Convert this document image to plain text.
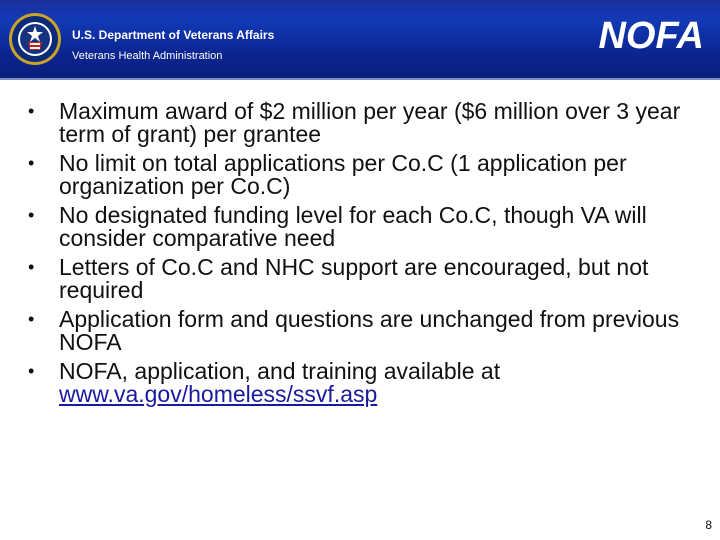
U.S. Department of Veterans Affairs
Veterans Health Administration	NOFA
• Maximum award of $2 million per year ($6 million over 3 year term of grant) per grantee
• No limit on total applications per Co.C (1 application per organization per Co.C)
• No designated funding level for each Co.C, though VA will consider comparative need
• Letters of Co.C and NHC support are encouraged, but not required
• Application form and questions are unchanged from previous NOFA
• NOFA, application, and training available at www.va.gov/homeless/ssvf.asp
8
